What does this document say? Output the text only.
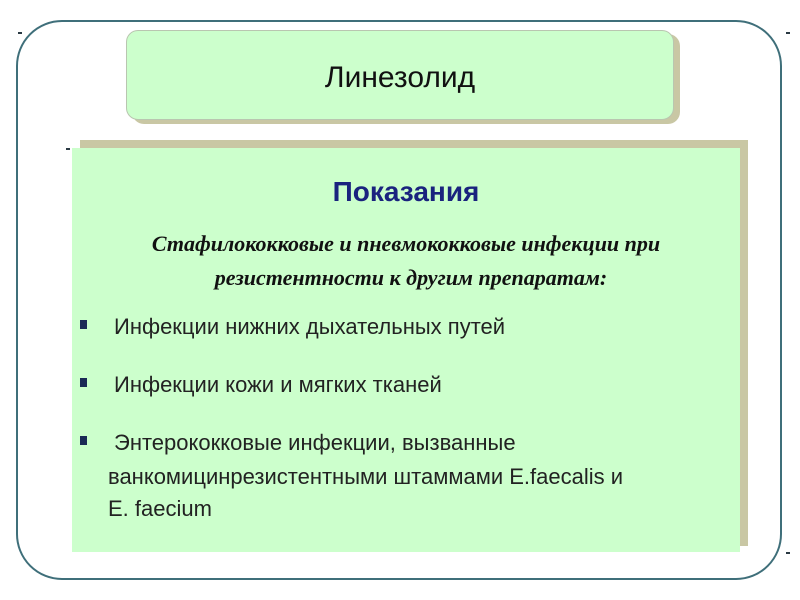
Линезолид
Показания
Стафилококковые и пневмококковые инфекции при
резистентности к другим препаратам:
Инфекции нижних дыхательных путей
Инфекции кожи и мягких тканей
Энтерококковые инфекции, вызванные
ванкомицинрезистентными штаммами E.faecalis и
E. faecium
